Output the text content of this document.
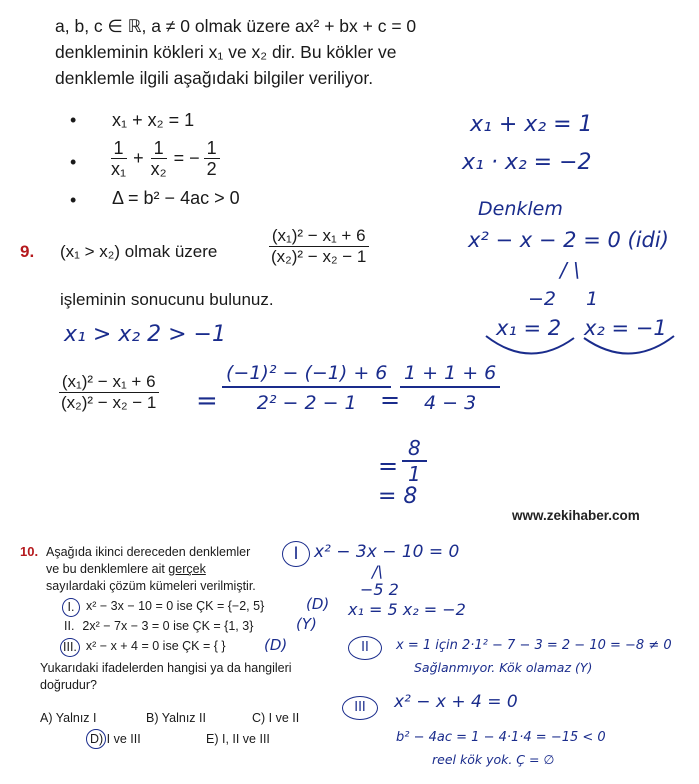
a, b, c ∈ ℝ, a ≠ 0 olmak üzere ax² + bx + c = 0
denkleminin kökleri x₁ ve x₂ dir. Bu kökler ve
denklemle ilgili aşağıdaki bilgiler veriliyor.
• x₁ + x₂ = 1
• $\frac{1}{\text{x₁}} + \frac{1}{\text{x₂}}$ = − $\frac{1}{2}$
• Δ = b² − 4ac > 0
9. (x₁ > x₂) olmak üzere	$\frac{\text{(x₁)² − x₁ + 6}}{\text{(x₂)² − x₂ − 1}}$
işleminin sonucunu bulunuz.
$\frac{\text{(x₁)² − x₁ + 6}}{\text{(x₂)² − x₂ − 1}}$
x₁ + x₂ = 1
x₁ · x₂ = −2
Denklem
x² − x − 2 = 0 (idi)
/ \
−2 1
x₁ = 2 x₂ = −1
x₁ > x₂ 2 > −1
=
(−1)² − (−1) + 6
2² − 2 − 1 =
1 + 1 + 6
4 − 3
=
8
1
= 8
www.zekihaber.com
10. Aşağıda ikinci dereceden denklemler
ve bu denklemlere ait gerçek
sayılardaki çözüm kümeleri verilmiştir.
I. x² − 3x − 10 = 0 ise ÇK = {−2, 5}
II. 2x² − 7x − 3 = 0 ise ÇK = {1, 3}
III. x² − x + 4 = 0 ise ÇK = { }
(D)
(Y)
(D)
Yukarıdaki ifadelerden hangisi ya da hangileri
doğrudur?
A) Yalnız I	B) Yalnız II	C) I ve II
D) I ve III	E) I, II ve III
I x² − 3x − 10 = 0
/\
−5 2
x₁ = 5 x₂ = −2
II	x = 1 için 2·1² − 7 − 3 = 2 − 10 = −8 ≠ 0
Sağlanmıyor. Kök olamaz (Y)
III	x² − x + 4 = 0
b² − 4ac = 1 − 4·1·4 = −15 < 0
reel kök yok. Ç = ∅
